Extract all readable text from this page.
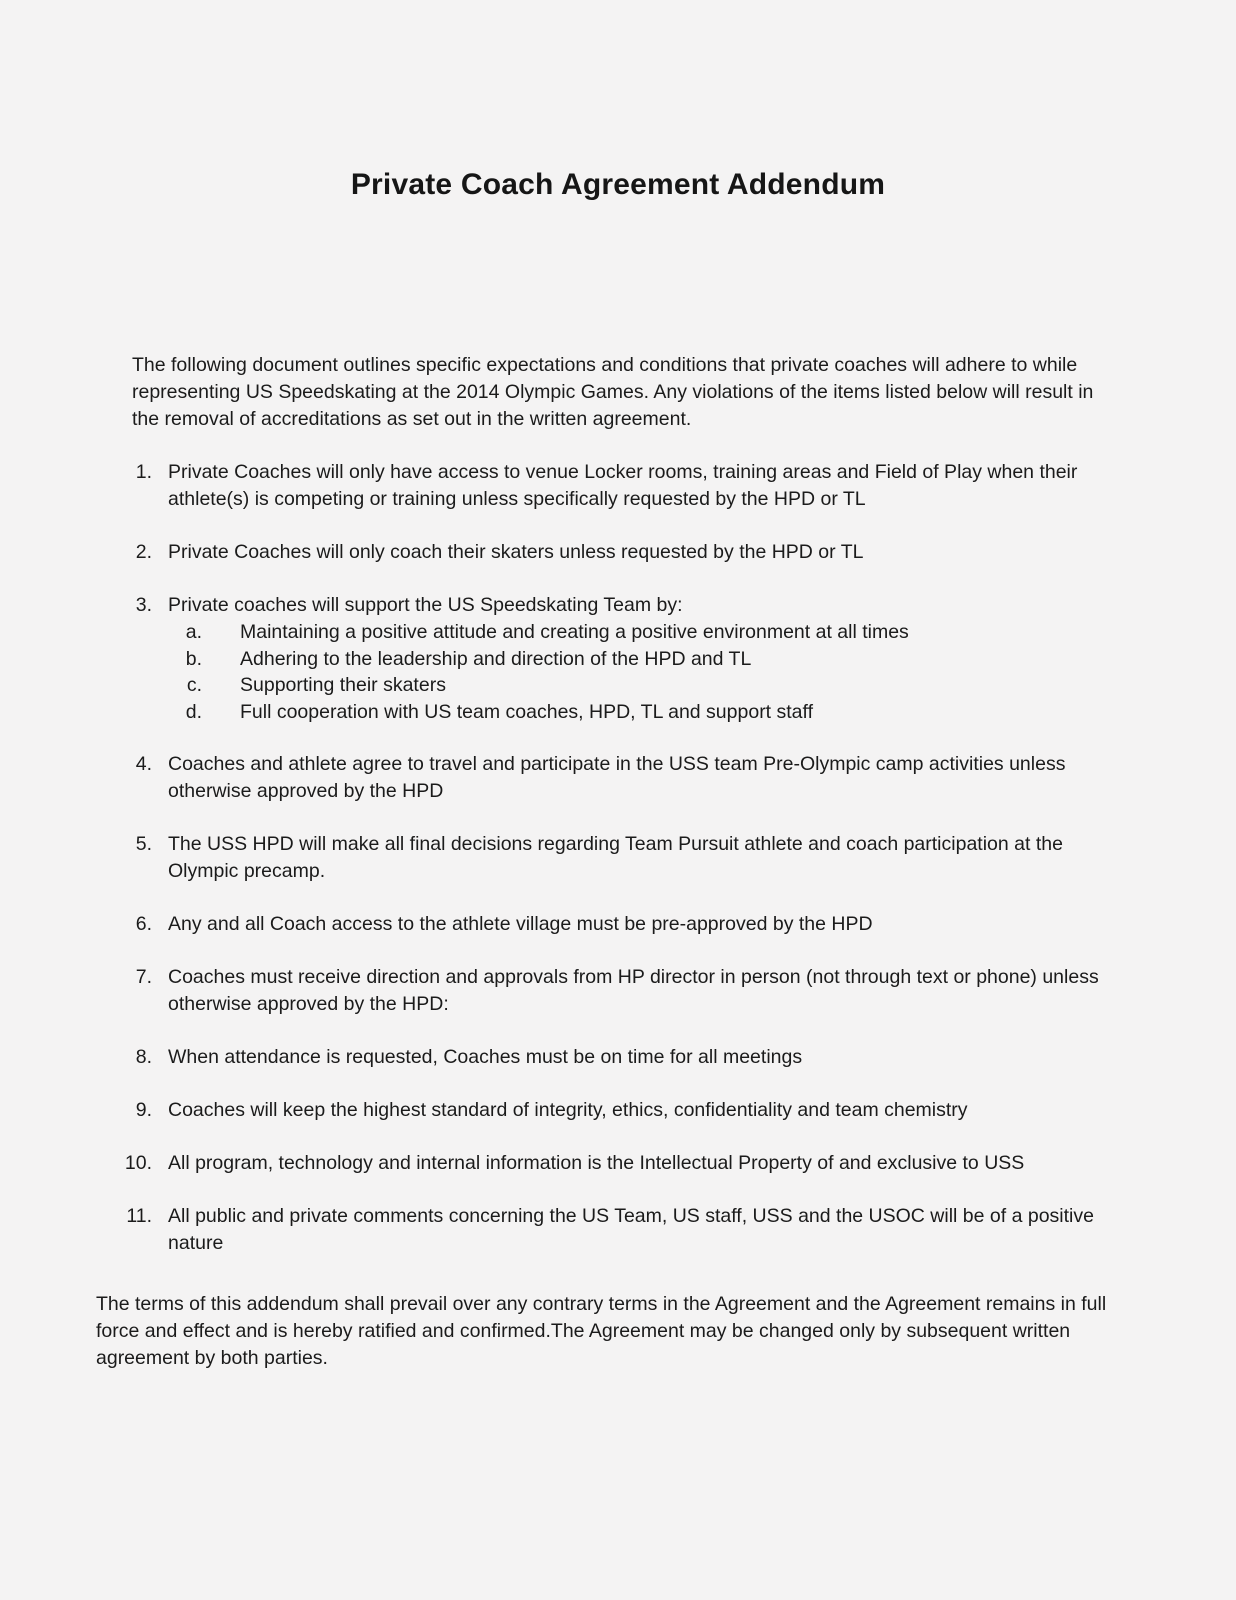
Private Coach Agreement Addendum

The following document outlines specific expectations and conditions that private coaches will adhere to while representing US Speedskating at the 2014 Olympic Games. Any violations of the items listed below will result in the removal of accreditations as set out in the written agreement.

1. Private Coaches will only have access to venue Locker rooms, training areas and Field of Play when their athlete(s) is competing or training unless specifically requested by the HPD or TL
2. Private Coaches will only coach their skaters unless requested by the HPD or TL
3. Private coaches will support the US Speedskating Team by:
a. Maintaining a positive attitude and creating a positive environment at all times
b. Adhering to the leadership and direction of the HPD and TL
c. Supporting their skaters
d. Full cooperation with US team coaches, HPD, TL and support staff
4. Coaches and athlete agree to travel and participate in the USS team Pre-Olympic camp activities unless otherwise approved by the HPD
5. The USS HPD will make all final decisions regarding Team Pursuit athlete and coach participation at the Olympic precamp.
6. Any and all Coach access to the athlete village must be pre-approved by the HPD
7. Coaches must receive direction and approvals from HP director in person (not through text or phone) unless otherwise approved by the HPD:
8. When attendance is requested, Coaches must be on time for all meetings
9. Coaches will keep the highest standard of integrity, ethics, confidentiality and team chemistry
10. All program, technology and internal information is the Intellectual Property of and exclusive to USS
11. All public and private comments concerning the US Team, US staff, USS and the USOC will be of a positive nature

The terms of this addendum shall prevail over any contrary terms in the Agreement and the Agreement remains in full force and effect and is hereby ratified and confirmed.The Agreement may be changed only by subsequent written agreement by both parties.
